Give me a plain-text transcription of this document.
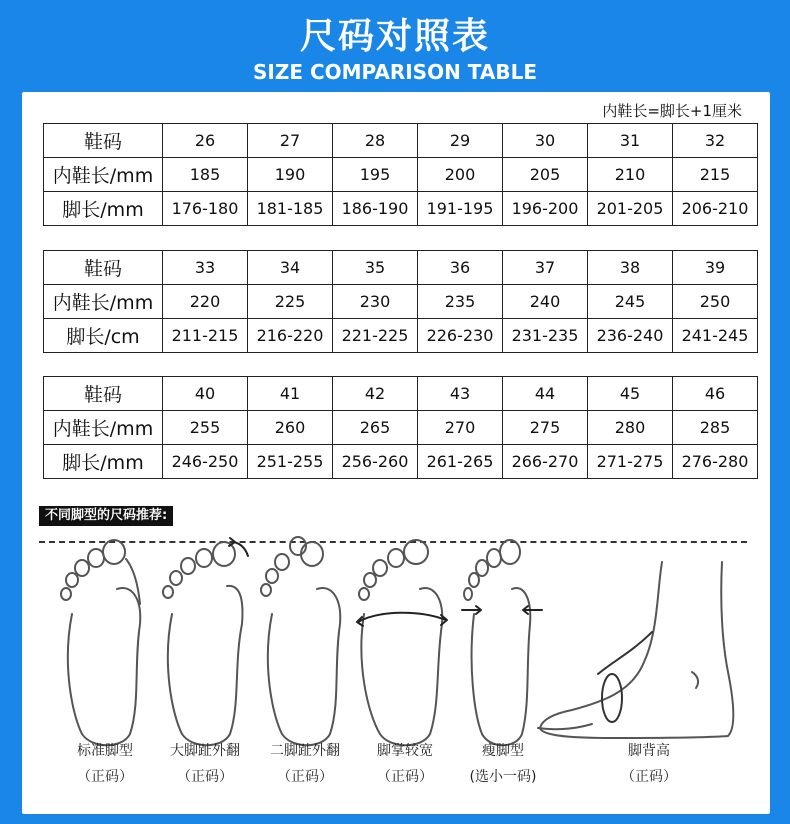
尺码对照表
SIZE COMPARISON TABLE
内鞋长=脚长+1厘米
鞋码	26	27	28	29	30	31	32
内鞋长/mm	185	190	195	200	205	210	215
脚长/mm	176-180	181-185	186-190	191-195	196-200	201-205	206-210
鞋码	33	34	35	36	37	38	39
内鞋长/mm	220	225	230	235	240	245	250
脚长/cm	211-215	216-220	221-225	226-230	231-235	236-240	241-245
鞋码	40	41	42	43	44	45	46
内鞋长/mm	255	260	265	270	275	280	285
脚长/mm	246-250	251-255	256-260	261-265	266-270	271-275	276-280
不同脚型的尺码推荐:
标准脚型
（正码）
大脚趾外翻
（正码）
二脚趾外翻
（正码）
脚掌较宽
（正码）
瘦脚型
(选小一码)
脚背高
（正码）
